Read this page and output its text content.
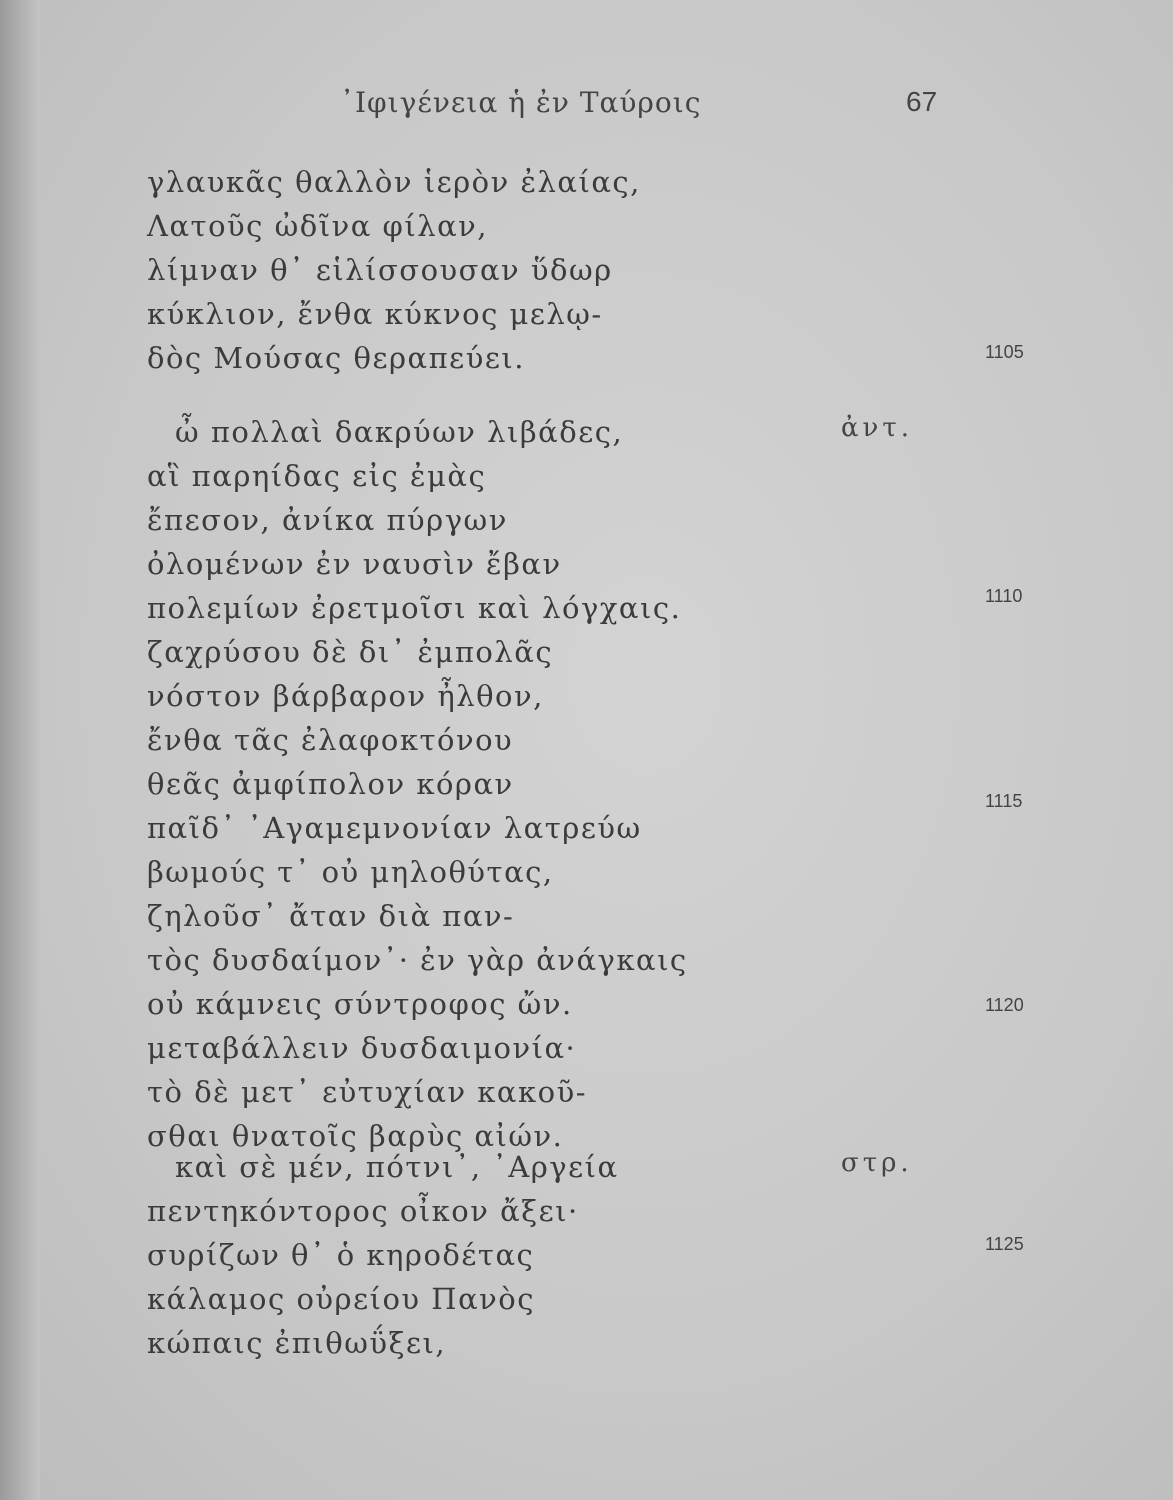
᾿Ιφιγένεια ἡ ἐν Ταύροις	67
γλαυκᾶς θαλλὸν ἱερὸν ἐλαίας,
Λατοῦς ὠδῖνα φίλαν,
λίμναν θ᾿ εἱλίσσουσαν ὕδωρ
κύκλιον, ἔνθα κύκνος μελῳ-
δὸς Μούσας θεραπεύει.	1105
ἀντ.
ὦ πολλαὶ δακρύων λιβάδες,
αἳ παρηίδας εἰς ἐμὰς
ἔπεσον, ἀνίκα πύργων
ὀλομένων ἐν ναυσὶν ἔβαν
πολεμίων ἐρετμοῖσι καὶ λόγχαις.
ζαχρύσου δὲ δι᾿ ἐμπολᾶς
νόστον βάρβαρον ἦλθον,
ἔνθα τᾶς ἐλαφοκτόνου
θεᾶς ἀμφίπολον κόραν
παῖδ᾿ ᾿Αγαμεμνονίαν λατρεύω
βωμούς τ᾿ οὐ μηλοθύτας,
ζηλοῦσ᾿ ἄταν διὰ παν-
τὸς δυσδαίμον᾿· ἐν γὰρ ἀνάγκαις
οὐ κάμνεις σύντροφος ὤν.
μεταβάλλειν δυσδαιμονία·
τὸ δὲ μετ᾿ εὐτυχίαν κακοῦ-
σθαι θνατοῖς βαρὺς αἰών.
1110
1115
1120
στρ.
καὶ σὲ μέν, πότνι᾿, ᾿Αργεία
πεντηκόντορος οἶκον ἄξει·
συρίζων θ᾿ ὁ κηροδέτας
κάλαμος οὐρείου Πανὸς
κώπαις ἐπιθωΰξει,
1125
